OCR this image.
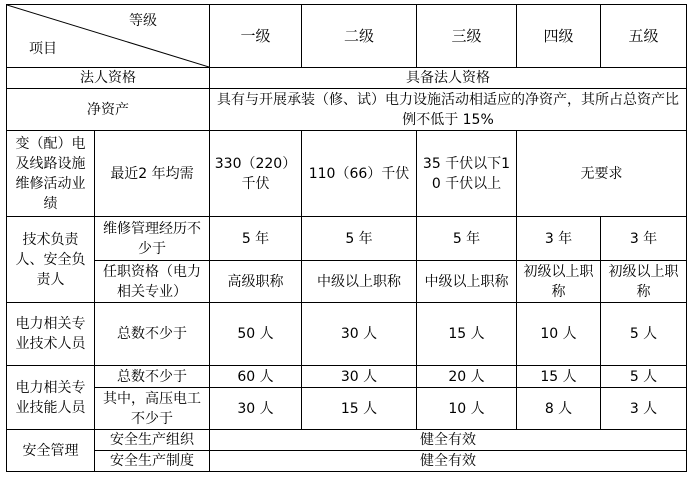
等级
项目		一级	二级	三级	四级	五级
法人资格		具备法人资格				
净资产		具有与开展承装（修、试）电力设施活动相适应的净资产，其所占总资产比例不低于 15%				
变（配）电及线路设施维修活动业绩	最近2 年均需	330（220）千伏	110（66）千伏	35 千伏以下10 千伏以上	无要求	
技术负责人、安全负责人	维修管理经历不少于	5 年	5 年	5 年	3 年	3 年
	任职资格（电力相关专业）	高级职称	中级以上职称	中级以上职称	初级以上职称	初级以上职称
电力相关专业技术人员	总数不少于	50 人	30 人	15 人	10 人	5 人
电力相关专业技能人员	总数不少于	60 人	30 人	20 人	15 人	5 人
	其中，高压电工不少于	30 人	15 人	10 人	8 人	3 人
安全管理	安全生产组织	健全有效				
	安全生产制度	健全有效				
